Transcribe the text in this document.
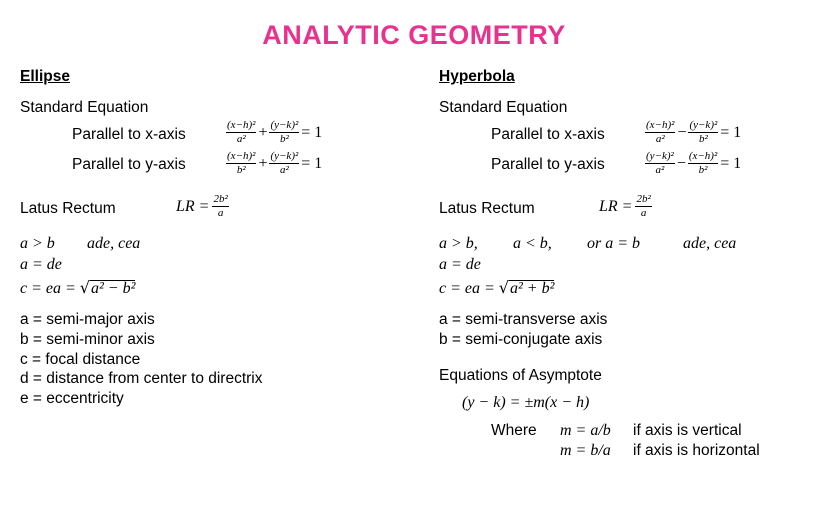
ANALYTIC GEOMETRY
Ellipse
Standard Equation
Parallel to x-axis	$\frac{\text{(x−h)²}}{\text{a²}} + \frac{\text{(y−k)²}}{\text{b²}} = 1$
Parallel to y-axis	$\frac{\text{(x−h)²}}{\text{b²}} + \frac{\text{(y−k)²}}{\text{a²}} = 1$
Latus Rectum	LR = $\frac{\text{2b²}}{a}$
a > b ade, cea
a = de
c = ea = √a² − b²
a = semi-major axis
b = semi-minor axis
c = focal distance
d = distance from center to directrix
e = eccentricity
Hyperbola
Standard Equation
Parallel to x-axis	$\frac{\text{(x−h)²}}{\text{a²}} - \frac{\text{(y−k)²}}{\text{b²}} = 1$
Parallel to y-axis	$\frac{\text{(y−k)²}}{\text{a²}} - \frac{\text{(x−h)²}}{\text{b²}} = 1$
Latus Rectum	LR = $\frac{\text{2b²}}{a}$
a > b, a < b, or a = b	ade, cea
a = de
c = ea = √a² + b²
a = semi-transverse axis
b = semi-conjugate axis
Equations of Asymptote
(y − k) = ±m(x − h)
Where m = a/b if axis is vertical
m = b/a if axis is horizontal
